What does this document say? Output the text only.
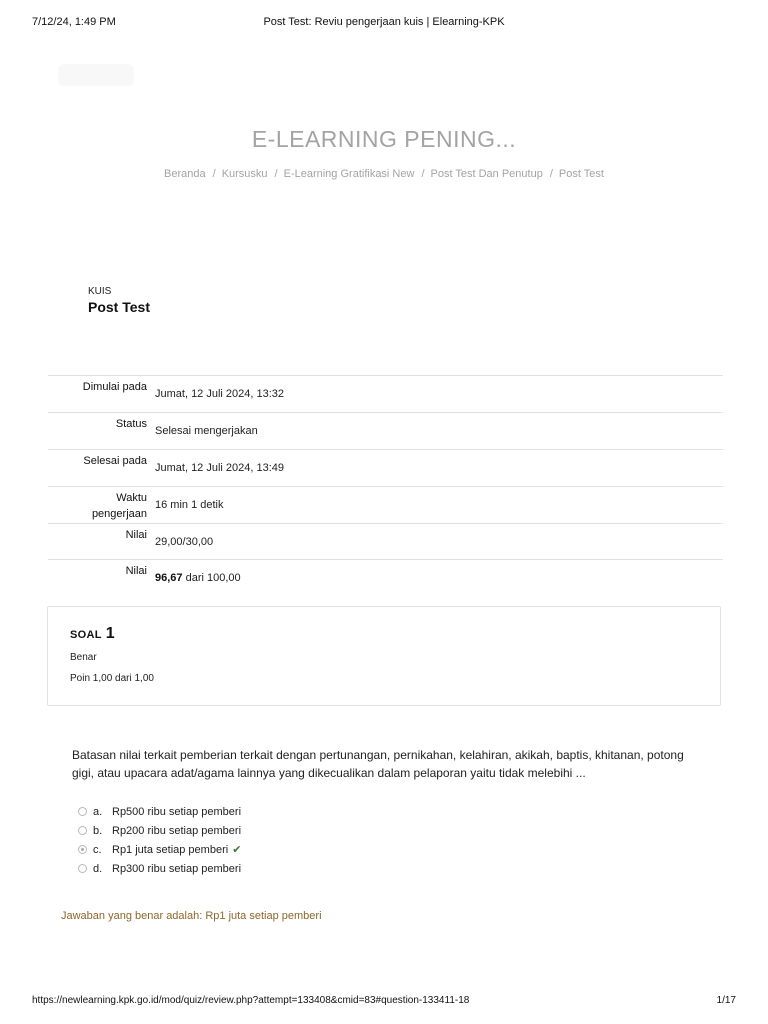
7/12/24, 1:49 PM	Post Test: Reviu pengerjaan kuis | Elearning-KPK
E-LEARNING PENING...
Beranda / Kursusku / E-Learning Gratifikasi New / Post Test Dan Penutup / Post Test
KUIS
Post Test
Dimulai pada	Jumat, 12 Juli 2024, 13:32
Status	Selesai mengerjakan
Selesai pada	Jumat, 12 Juli 2024, 13:49
Waktu
pengerjaan	16 min 1 detik
Nilai	29,00/30,00
Nilai	96,67 dari 100,00
SOAL 1
Benar
Poin 1,00 dari 1,00
Batasan nilai terkait pemberian terkait dengan pertunangan, pernikahan, kelahiran, akikah, baptis, khitanan, potong gigi, atau upacara adat/agama lainnya yang dikecualikan dalam pelaporan yaitu tidak melebihi ...
a. Rp500 ribu setiap pemberi
b. Rp200 ribu setiap pemberi
c. Rp1 juta setiap pemberi ✔
d. Rp300 ribu setiap pemberi
Jawaban yang benar adalah: Rp1 juta setiap pemberi
https://newlearning.kpk.go.id/mod/quiz/review.php?attempt=133408&cmid=83#question-133411-18	1/17
